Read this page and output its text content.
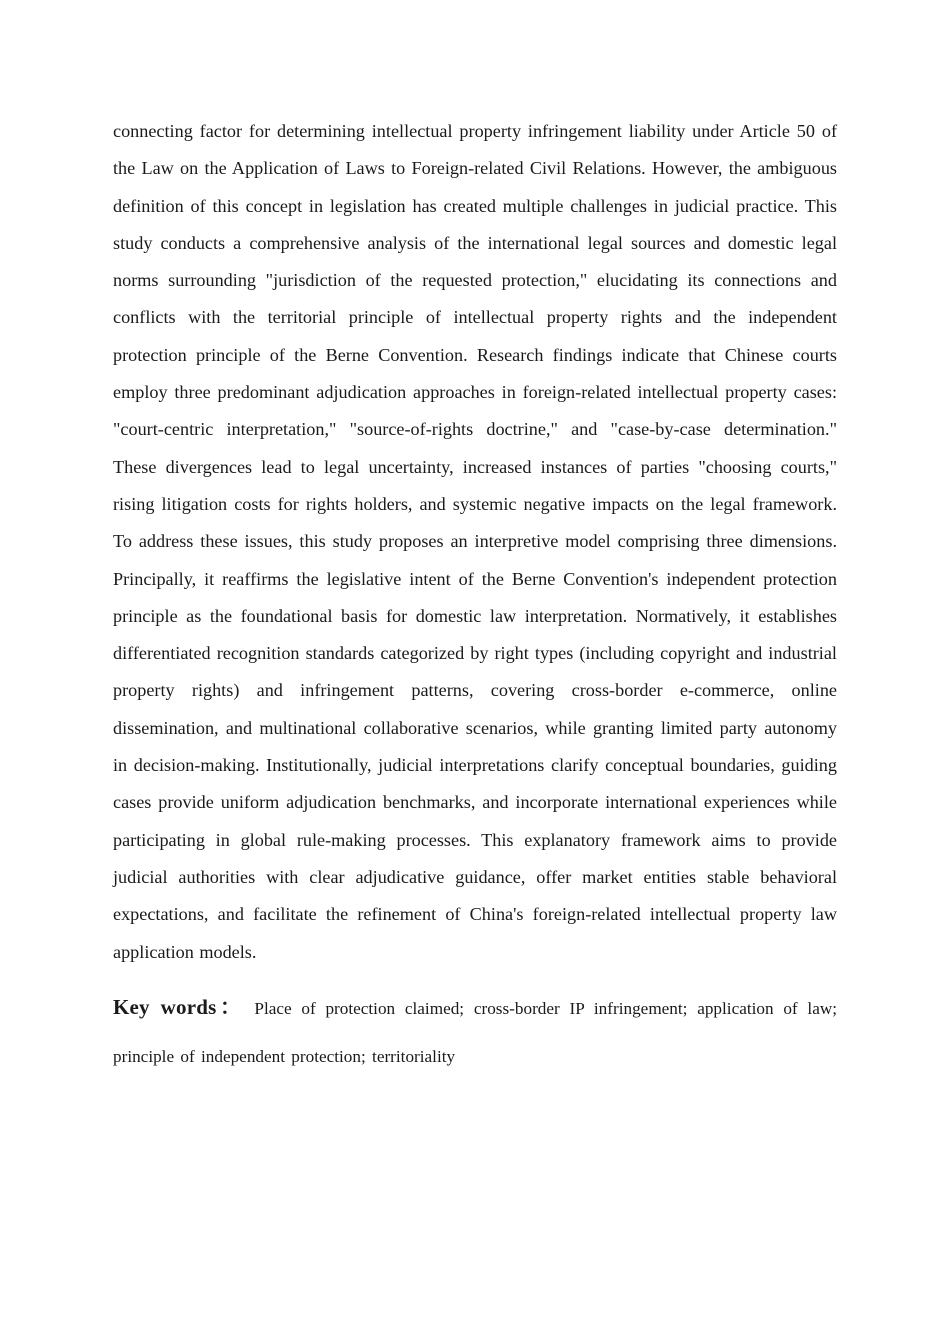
connecting factor for determining intellectual property infringement liability under Article 50 of the Law on the Application of Laws to Foreign-related Civil Relations. However, the ambiguous definition of this concept in legislation has created multiple challenges in judicial practice. This study conducts a comprehensive analysis of the international legal sources and domestic legal norms surrounding "jurisdiction of the requested protection," elucidating its connections and conflicts with the territorial principle of intellectual property rights and the independent protection principle of the Berne Convention. Research findings indicate that Chinese courts employ three predominant adjudication approaches in foreign-related intellectual property cases: "court-centric interpretation," "source-of-rights doctrine," and "case-by-case determination." These divergences lead to legal uncertainty, increased instances of parties "choosing courts," rising litigation costs for rights holders, and systemic negative impacts on the legal framework. To address these issues, this study proposes an interpretive model comprising three dimensions. Principally, it reaffirms the legislative intent of the Berne Convention's independent protection principle as the foundational basis for domestic law interpretation. Normatively, it establishes differentiated recognition standards categorized by right types (including copyright and industrial property rights) and infringement patterns, covering cross-border e-commerce, online dissemination, and multinational collaborative scenarios, while granting limited party autonomy in decision-making. Institutionally, judicial interpretations clarify conceptual boundaries, guiding cases provide uniform adjudication benchmarks, and incorporate international experiences while participating in global rule-making processes. This explanatory framework aims to provide judicial authorities with clear adjudicative guidance, offer market entities stable behavioral expectations, and facilitate the refinement of China's foreign-related intellectual property law application models.

Key words： Place of protection claimed; cross-border IP infringement; application of law; principle of independent protection; territoriality
